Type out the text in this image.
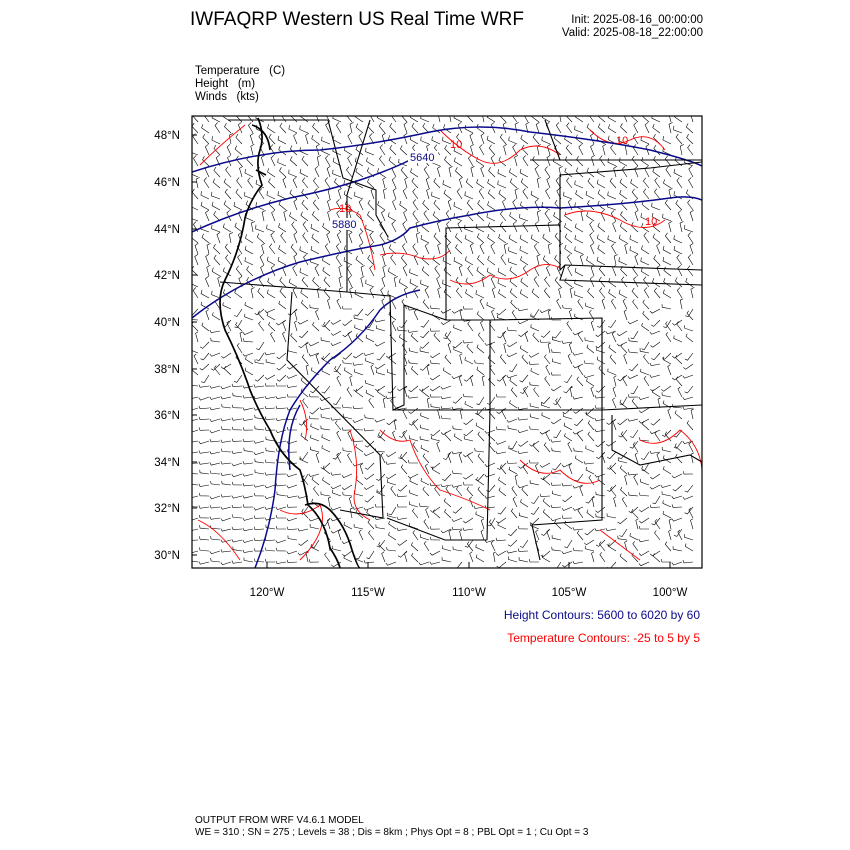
IWFAQRP Western US Real Time WRF	Init: 2025-08-16_00:00:00
Valid: 2025-08-18_22:00:00
Temperature   (C)
Height   (m)
Winds   (kts)
5640
5880
10	10
10
10
48°N
46°N
44°N
42°N
40°N
38°N
36°N
34°N
32°N
30°N
120°W	115°W	110°W	105°W	100°W
Height Contours: 5600 to 6020 by 60
Temperature Contours: -25 to 5 by 5
OUTPUT FROM WRF V4.6.1 MODEL
WE = 310 ; SN = 275 ; Levels = 38 ; Dis = 8km ; Phys Opt = 8 ; PBL Opt = 1 ; Cu Opt = 3
